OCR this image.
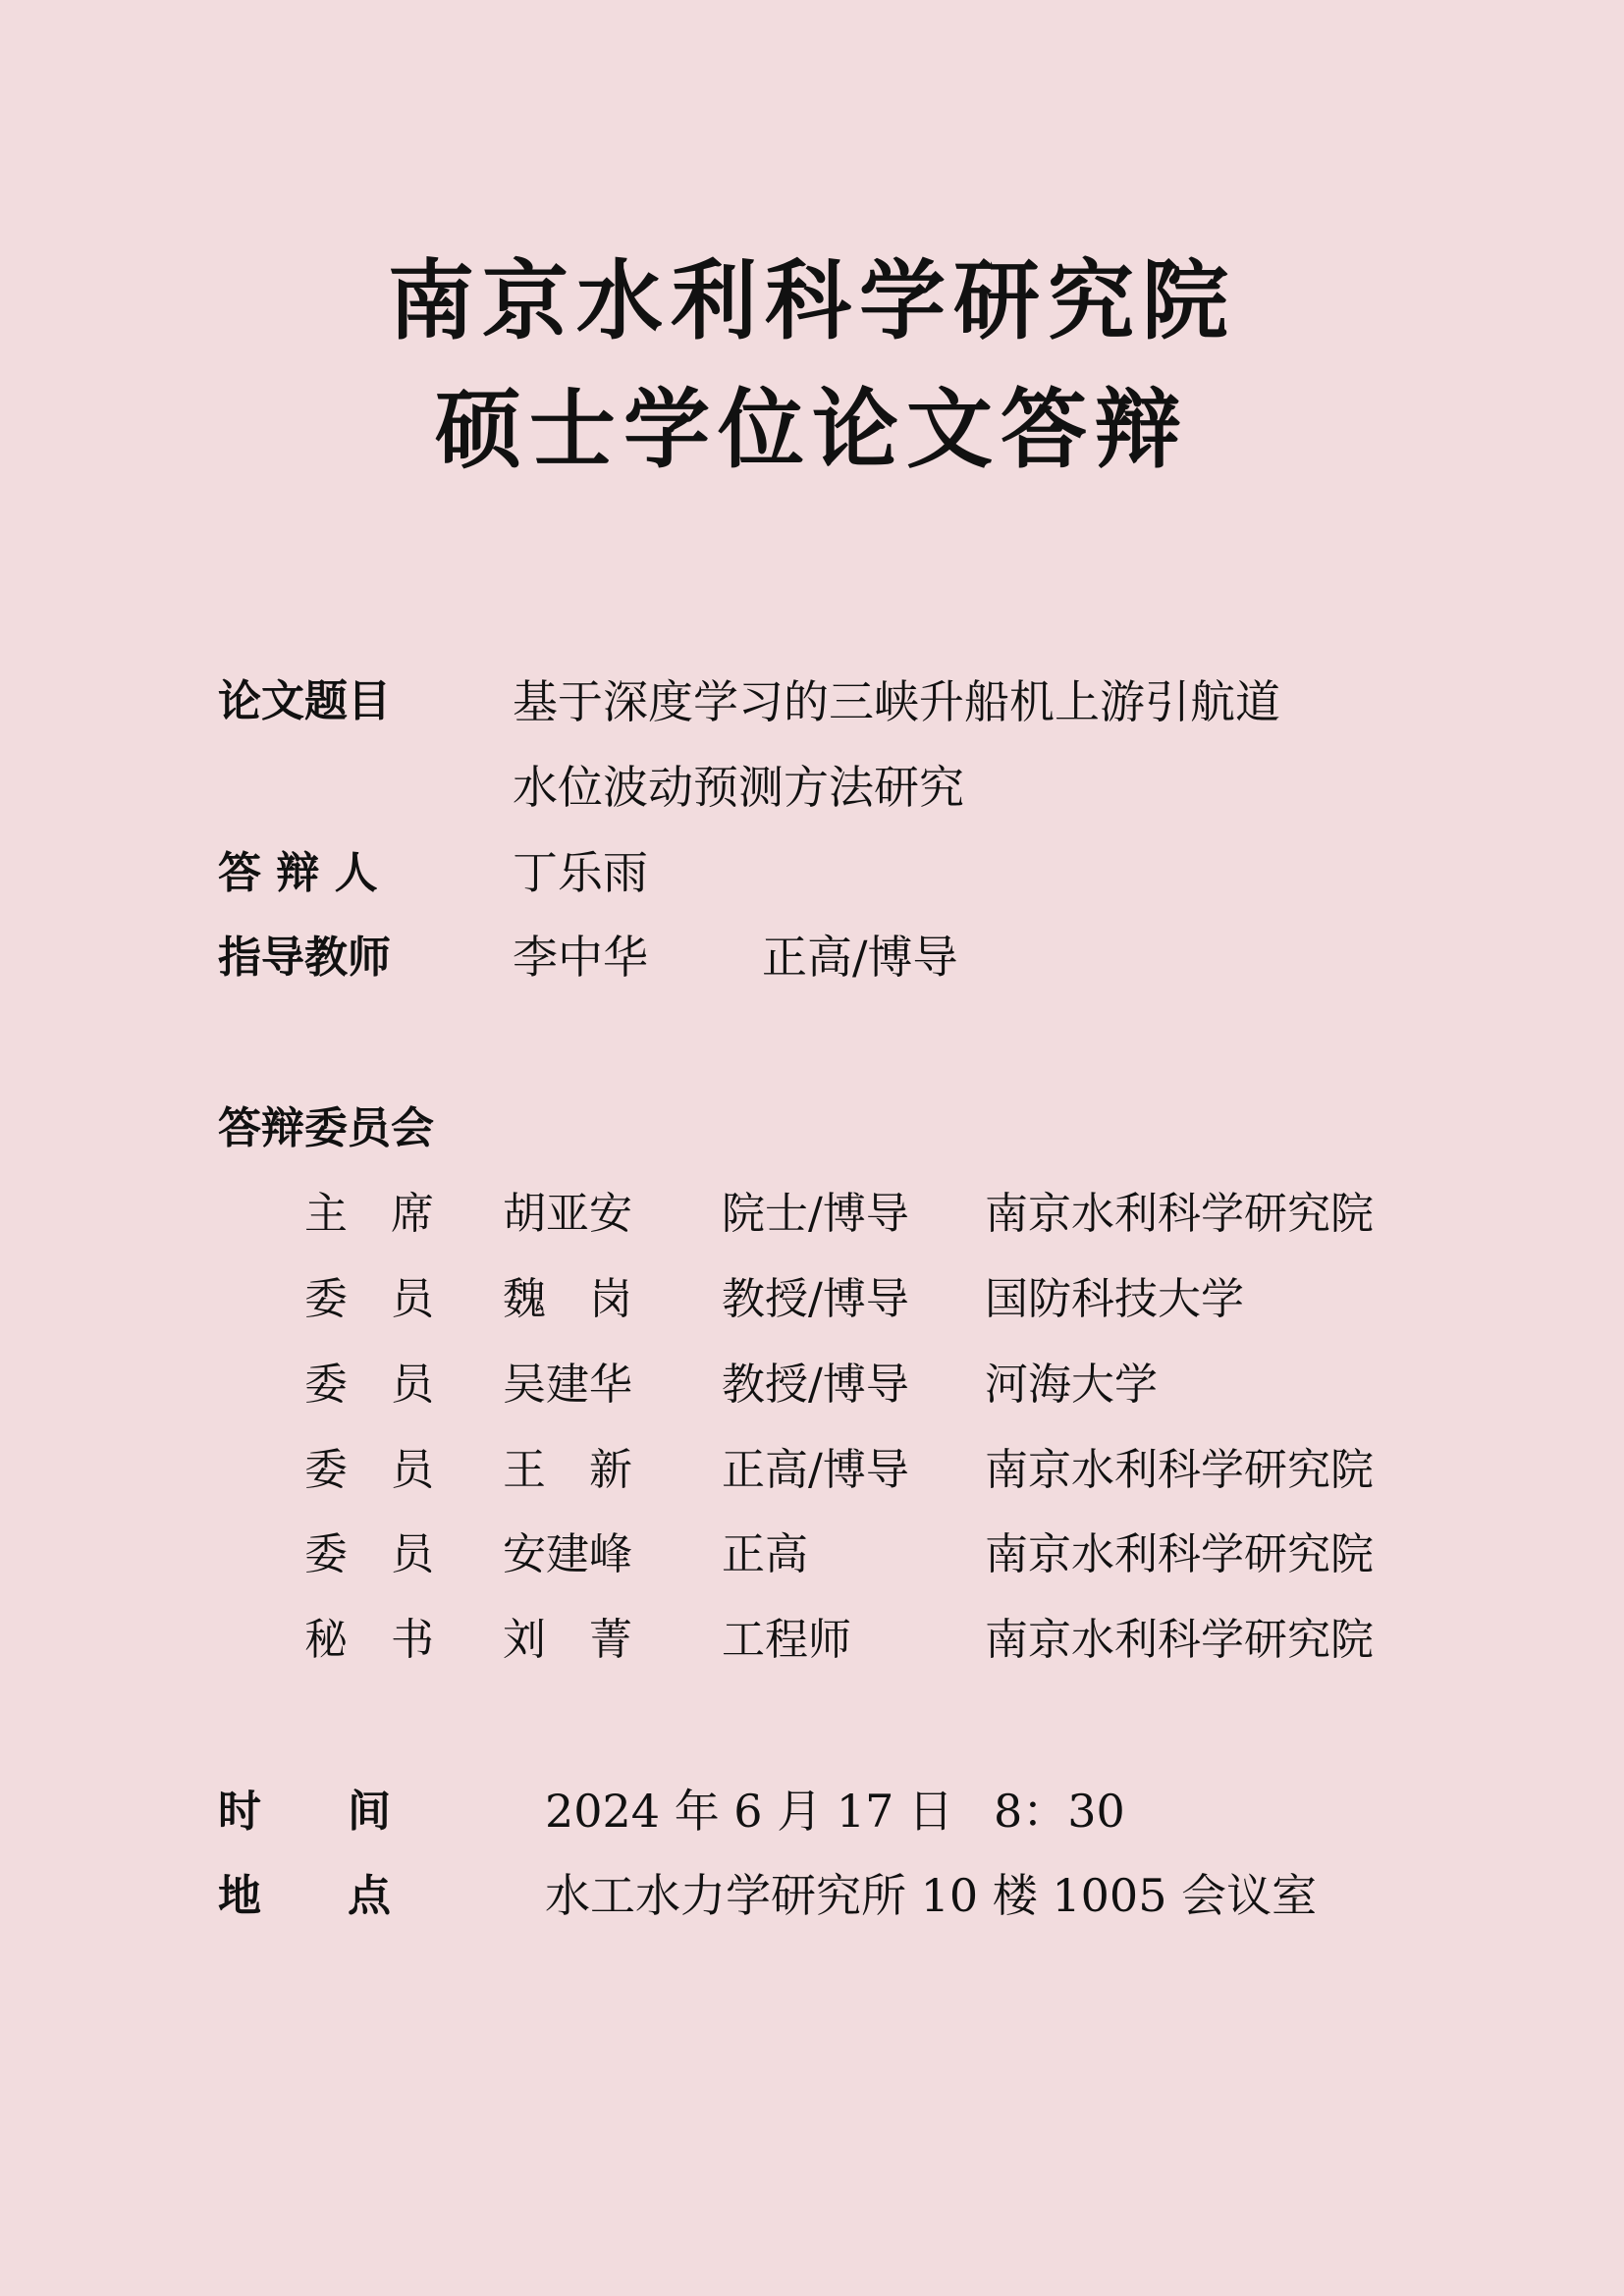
南京水利科学研究院
硕士学位论文答辩
论文题目	基于深度学习的三峡升船机上游引航道
水位波动预测方法研究
答 辩 人	丁乐雨
指导教师	李中华	正高/博导
答辩委员会
主　席 胡亚安 院士/博导 南京水利科学研究院
委　员 魏　岗 教授/博导 国防科技大学
委　员 吴建华 教授/博导 河海大学
委　员 王　新 正高/博导 南京水利科学研究院
委　员 安建峰 正高	南京水利科学研究院
秘　书 刘　菁 工程师	南京水利科学研究院
时　　间	2024 年 6 月 17 日 8：30
地　　点	水工水力学研究所 10 楼 1005 会议室
